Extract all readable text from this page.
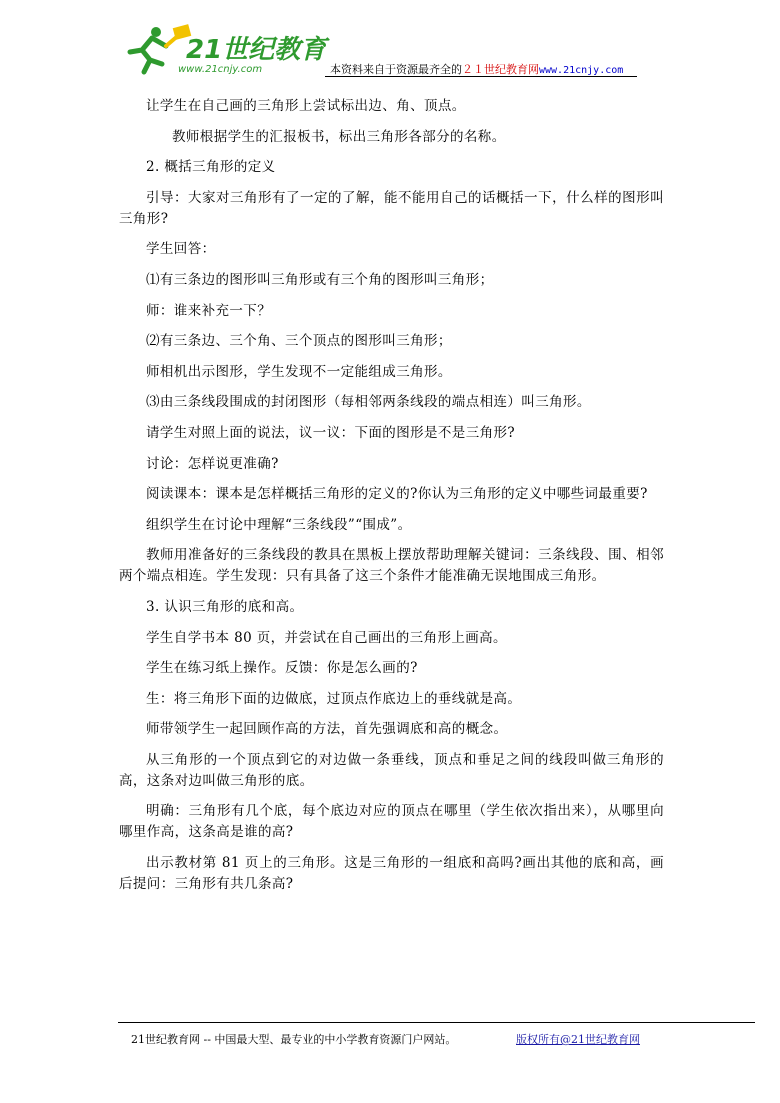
21世纪教育
www.21cnjy.com	本资料来自于资源最齐全的２１世纪教育网www.21cnjy.com

让学生在自己画的三角形上尝试标出边、角、顶点。

教师根据学生的汇报板书，标出三角形各部分的名称。

2. 概括三角形的定义

引导：大家对三角形有了一定的了解，能不能用自己的话概括一下，什么样的图形叫三角形?

学生回答：

⑴有三条边的图形叫三角形或有三个角的图形叫三角形；

师：谁来补充一下？

⑵有三条边、三个角、三个顶点的图形叫三角形；

师相机出示图形，学生发现不一定能组成三角形。

⑶由三条线段围成的封闭图形（每相邻两条线段的端点相连）叫三角形。

请学生对照上面的说法，议一议：下面的图形是不是三角形?

讨论：怎样说更准确?

阅读课本：课本是怎样概括三角形的定义的?你认为三角形的定义中哪些词最重要?

组织学生在讨论中理解“三条线段”“围成”。

教师用准备好的三条线段的教具在黑板上摆放帮助理解关键词：三条线段、围、相邻两个端点相连。学生发现：只有具备了这三个条件才能准确无误地围成三角形。

3. 认识三角形的底和高。

学生自学书本 80 页，并尝试在自己画出的三角形上画高。

学生在练习纸上操作。反馈：你是怎么画的?

生：将三角形下面的边做底，过顶点作底边上的垂线就是高。

师带领学生一起回顾作高的方法，首先强调底和高的概念。

从三角形的一个顶点到它的对边做一条垂线，顶点和垂足之间的线段叫做三角形的高，这条对边叫做三角形的底。

明确：三角形有几个底，每个底边对应的顶点在哪里（学生依次指出来），从哪里向哪里作高，这条高是谁的高?

出示教材第 81 页上的三角形。这是三角形的一组底和高吗?画出其他的底和高，画后提问：三角形有共几条高?

21世纪教育网 -- 中国最大型、最专业的中小学教育资源门户网站。	版权所有@21世纪教育网
